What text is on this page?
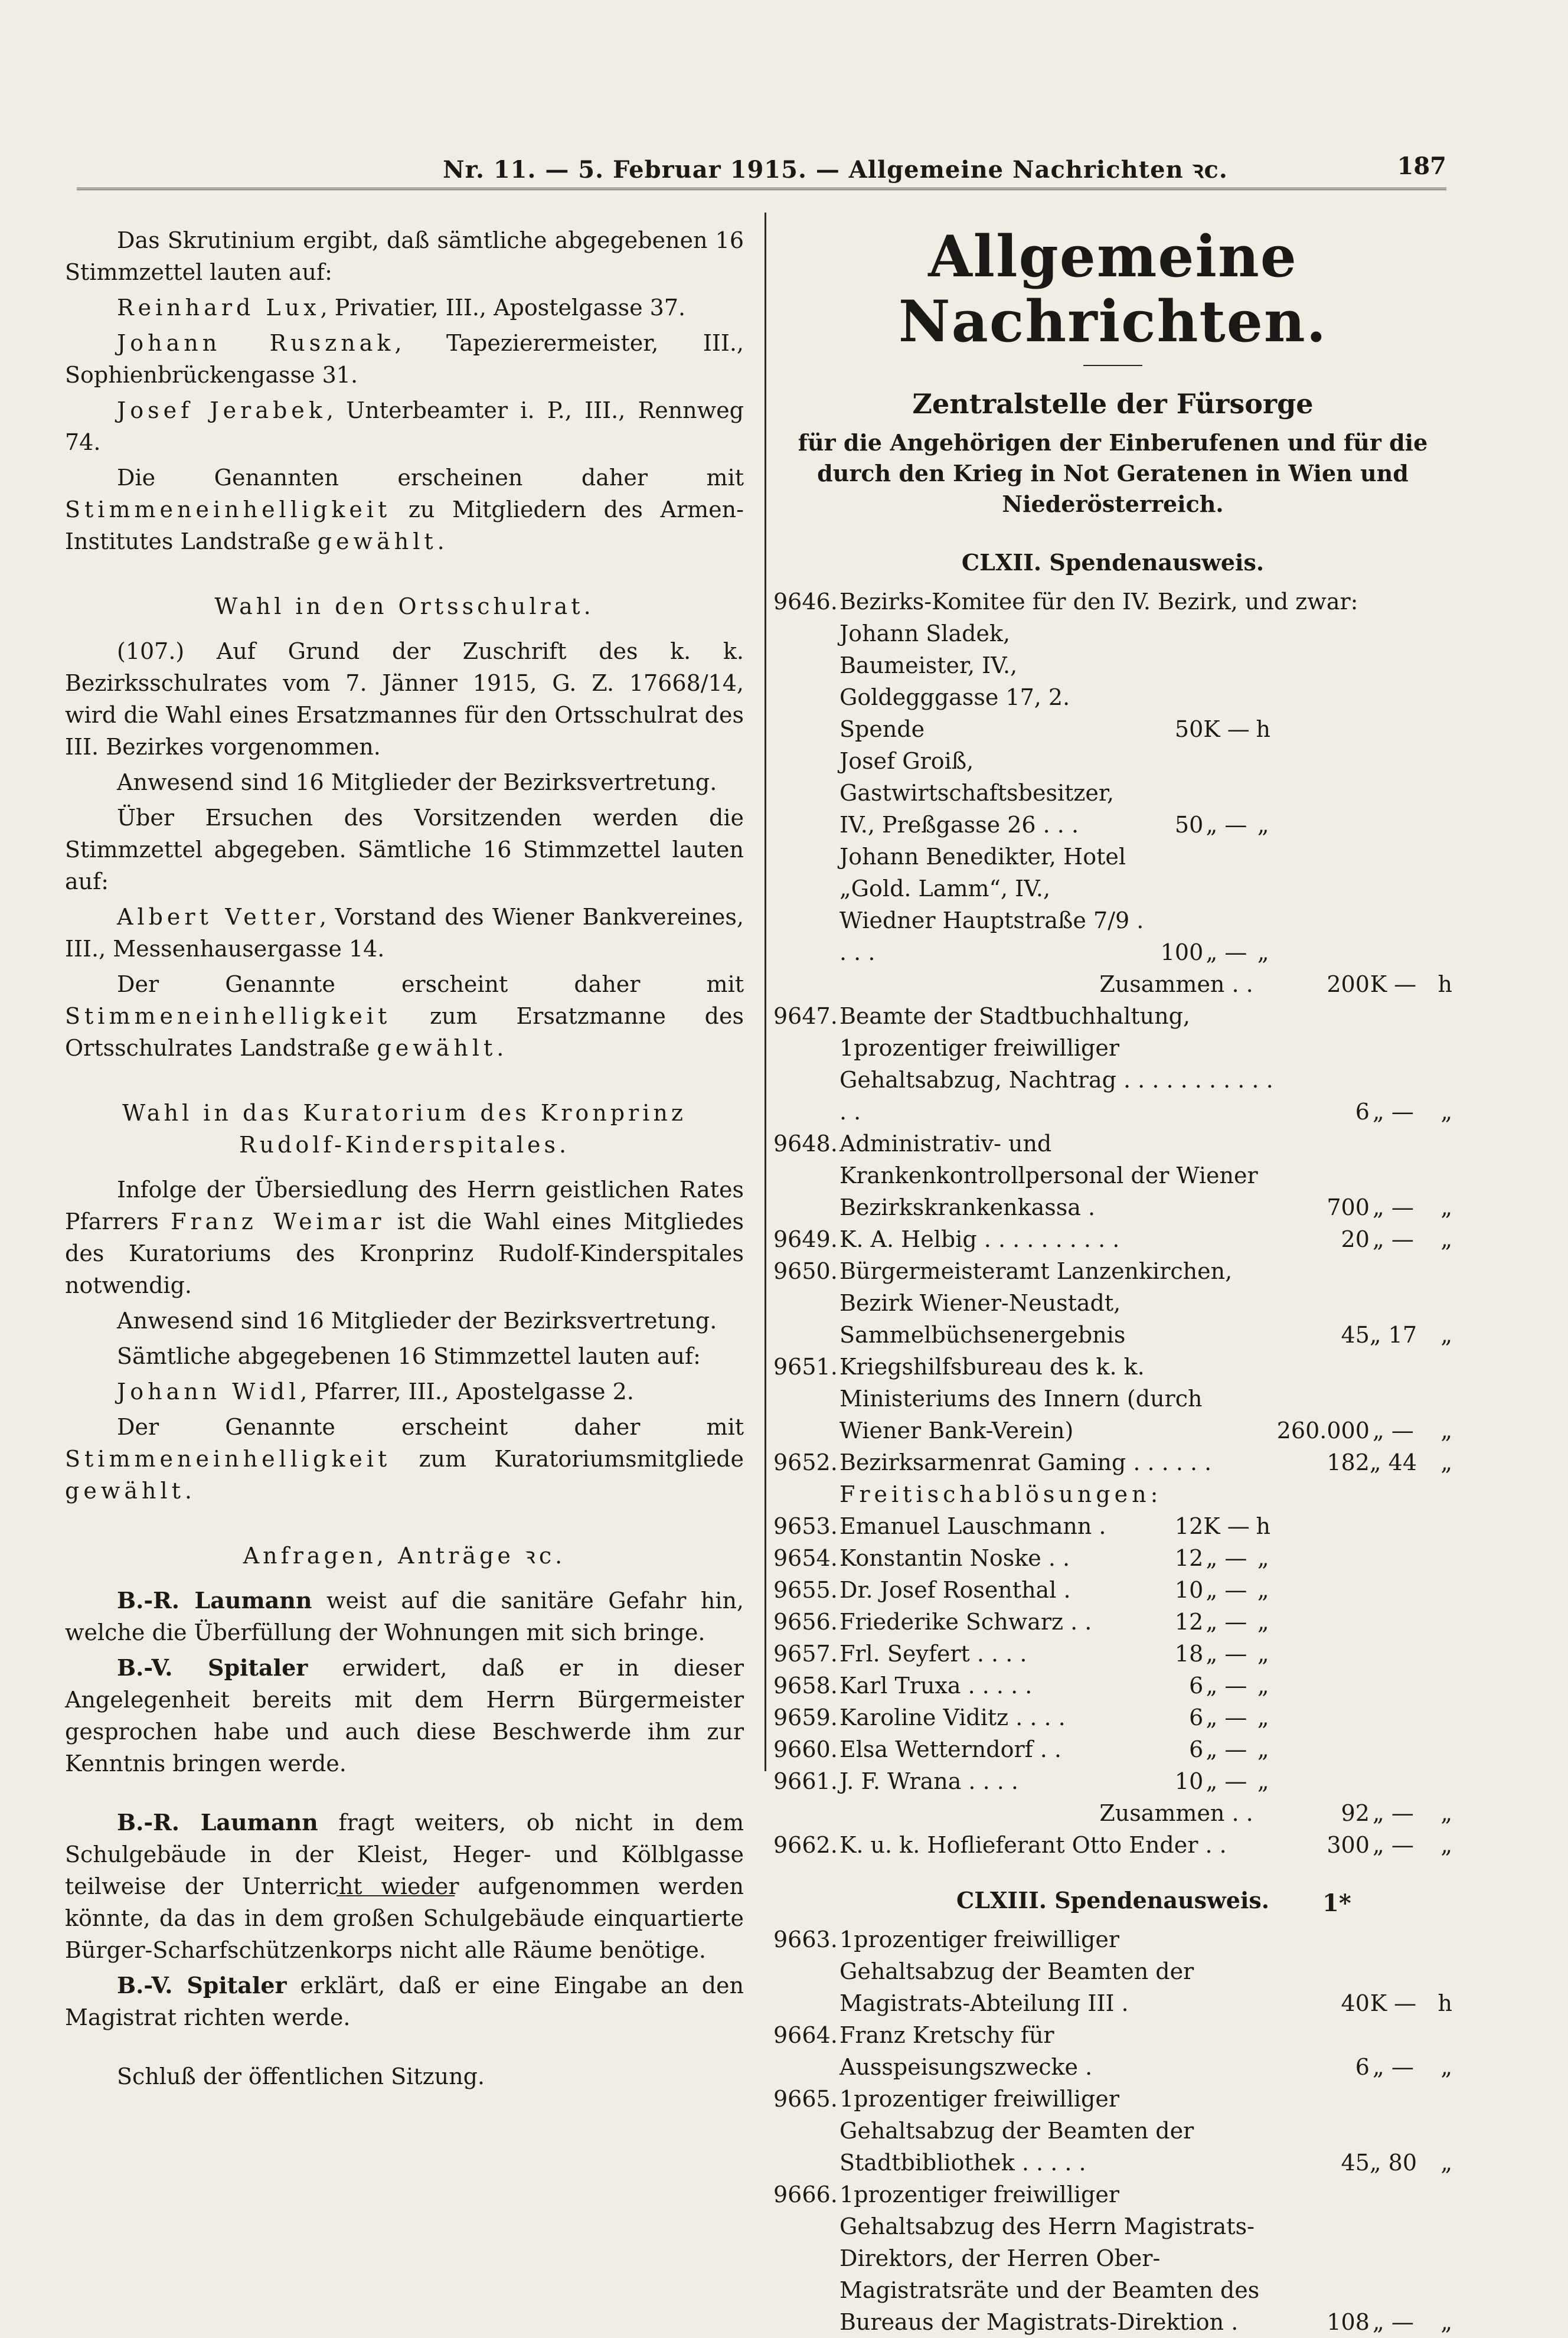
Nr. 11. — 5. Februar 1915. — Allgemeine Nachrichten ꝛc.	187

Das Skrutinium ergibt, daß sämtliche abgegebenen 16 Stimmzettel lauten auf:

Reinhard Lux, Privatier, III., Apostelgasse 37.

Johann Rusznak, Tapezierermeister, III., Sophienbrückengasse 31.

Josef Jerabek, Unterbeamter i. P., III., Rennweg 74.

Die Genannten erscheinen daher mit Stimmeneinhelligkeit zu Mitgliedern des Armen-Institutes Landstraße gewählt.

Wahl in den Ortsschulrat.

(107.) Auf Grund der Zuschrift des k. k. Bezirksschulrates vom 7. Jänner 1915, G. Z. 17668/14, wird die Wahl eines Ersatzmannes für den Ortsschulrat des III. Bezirkes vorgenommen.

Anwesend sind 16 Mitglieder der Bezirksvertretung.

Über Ersuchen des Vorsitzenden werden die Stimmzettel abgegeben. Sämtliche 16 Stimmzettel lauten auf:

Albert Vetter, Vorstand des Wiener Bankvereines, III., Messenhausergasse 14.

Der Genannte erscheint daher mit Stimmeneinhelligkeit zum Ersatzmanne des Ortsschulrates Landstraße gewählt.

Wahl in das Kuratorium des Kronprinz Rudolf-Kinderspitales.

Infolge der Übersiedlung des Herrn geistlichen Rates Pfarrers Franz Weimar ist die Wahl eines Mitgliedes des Kuratoriums des Kronprinz Rudolf-Kinderspitales notwendig.

Anwesend sind 16 Mitglieder der Bezirksvertretung.

Sämtliche abgegebenen 16 Stimmzettel lauten auf:

Johann Widl, Pfarrer, III., Apostelgasse 2.

Der Genannte erscheint daher mit Stimmeneinhelligkeit zum Kuratoriumsmitgliede gewählt.

Anfragen, Anträge ꝛc.

B.-R. Laumann weist auf die sanitäre Gefahr hin, welche die Überfüllung der Wohnungen mit sich bringe.

B.-V. Spitaler erwidert, daß er in dieser Angelegenheit bereits mit dem Herrn Bürgermeister gesprochen habe und auch diese Beschwerde ihm zur Kenntnis bringen werde.

B.-R. Laumann fragt weiters, ob nicht in dem Schulgebäude in der Kleist, Heger- und Kölblgasse teilweise der Unterricht wieder aufgenommen werden könnte, da das in dem großen Schulgebäude einquartierte Bürger-Scharfschützenkorps nicht alle Räume benötige.

B.-V. Spitaler erklärt, daß er eine Eingabe an den Magistrat richten werde.

Schluß der öffentlichen Sitzung.

Allgemeine Nachrichten.
Zentralstelle der Fürsorge
für die Angehörigen der Einberufenen und für die durch den Krieg in Not Geratenen in Wien und Niederösterreich.
CLXII. Spendenausweis.
9646.	Bezirks-Komitee für den IV. Bezirk, und zwar:						
	Johann Sladek, Baumeister, IV., Goldegggasse 17, 2. Spende	50	K —	h			
	Josef Groiß, Gastwirtschaftsbesitzer, IV., Preßgasse 26 . . .	50	„ —	„			
	Johann Benedikter, Hotel „Gold. Lamm“, IV., Wiedner Hauptstraße 7/9 . . . .	100	„ —	„			
	Zusammen . .				200	K —	h
9647.	Beamte der Stadtbuchhaltung, 1prozentiger freiwilliger Gehaltsabzug, Nachtrag . . . . . . . . . . . . .				6	„ —	„
9648.	Administrativ- und Krankenkontrollpersonal der Wiener Bezirkskrankenkassa .				700	„ —	„
9649.	K. A. Helbig . . . . . . . . . .				20	„ —	„
9650.	Bürgermeisteramt Lanzenkirchen, Bezirk Wiener-Neustadt, Sammelbüchsenergebnis				45	„ 17	„
9651.	Kriegshilfsbureau des k. k. Ministeriums des Innern (durch Wiener Bank-Verein)				260.000	„ —	„
9652.	Bezirksarmenrat Gaming . . . . . .				182	„ 44	„
	Freitischablösungen:						
9653.	Emanuel Lauschmann .	12	K —	h			
9654.	Konstantin Noske . .	12	„ —	„			
9655.	Dr. Josef Rosenthal .	10	„ —	„			
9656.	Friederike Schwarz . .	12	„ —	„			
9657.	Frl. Seyfert . . . .	18	„ —	„			
9658.	Karl Truxa . . . . .	6	„ —	„			
9659.	Karoline Viditz . . . .	6	„ —	„			
9660.	Elsa Wetterndorf . .	6	„ —	„			
9661.	J. F. Wrana . . . .	10	„ —	„			
	Zusammen . .				92	„ —	„
9662.	K. u. k. Hoflieferant Otto Ender . .				300	„ —	„
CLXIII. Spendenausweis.
9663.	1prozentiger freiwilliger Gehaltsabzug der Beamten der Magistrats-Abteilung III .	40	K —	h
9664.	Franz Kretschy für Ausspeisungszwecke .	6	„ —	„
9665.	1prozentiger freiwilliger Gehaltsabzug der Beamten der Stadtbibliothek . . . . .	45	„ 80	„
9666.	1prozentiger freiwilliger Gehaltsabzug des Herrn Magistrats-Direktors, der Herren Ober-Magistratsräte und der Beamten des Bureaus der Magistrats-Direktion .	108	„ —	„
1*
